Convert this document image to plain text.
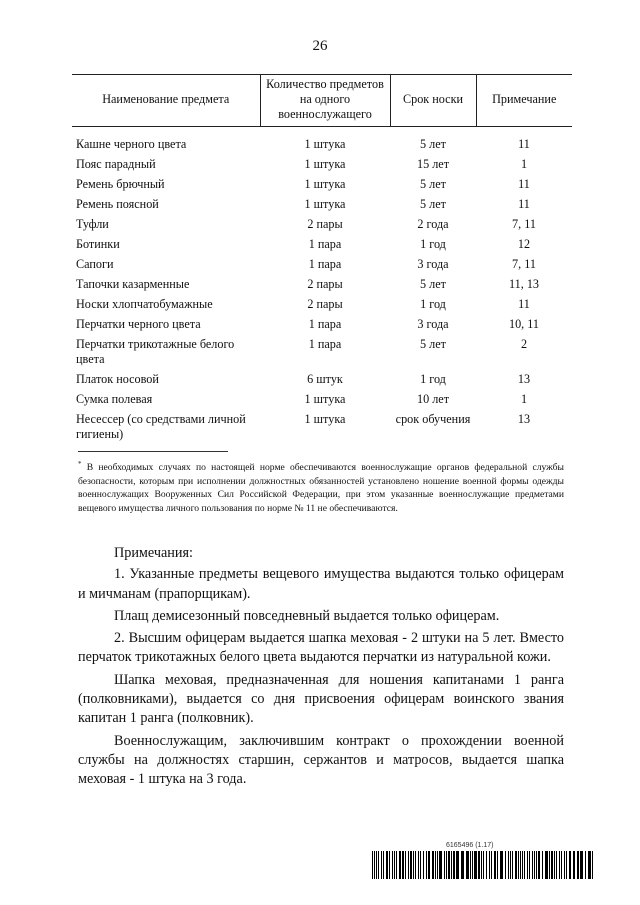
26
Наименование предмета	Количество предметов на одного военнослужащего	Срок носки	Примечание
Кашне черного цвета	1 штука	5 лет	11
Пояс парадный	1 штука	15 лет	1
Ремень брючный	1 штука	5 лет	11
Ремень поясной	1 штука	5 лет	11
Туфли	2 пары	2 года	7, 11
Ботинки	1 пара	1 год	12
Сапоги	1 пара	3 года	7, 11
Тапочки казарменные	2 пары	5 лет	11, 13
Носки хлопчатобумажные	2 пары	1 год	11
Перчатки черного цвета	1 пара	3 года	10, 11
Перчатки трикотажные белого цвета	1 пара	5 лет	2
Платок носовой	6 штук	1 год	13
Сумка полевая	1 штука	10 лет	1
Несессер (со средствами личной гигиены)	1 штука	срок обучения	13
* В необходимых случаях по настоящей норме обеспечиваются военнослужащие органов федеральной службы безопасности, которым при исполнении должностных обязанностей установлено ношение военной формы одежды военнослужащих Вооруженных Сил Российской Федерации, при этом указанные военнослужащие предметами вещевого имущества личного пользования по норме № 11 не обеспечиваются.

Примечания:

1. Указанные предметы вещевого имущества выдаются только офицерам и мичманам (прапорщикам).

Плащ демисезонный повседневный выдается только офицерам.

2. Высшим офицерам выдается шапка меховая - 2 штуки на 5 лет. Вместо перчаток трикотажных белого цвета выдаются перчатки из натуральной кожи.

Шапка меховая, предназначенная для ношения капитанами 1 ранга (полковниками), выдается со дня присвоения офицерам воинского звания капитан 1 ранга (полковник).

Военнослужащим, заключившим контракт о прохождении военной службы на должностях старшин, сержантов и матросов, выдается шапка меховая - 1 штука на 3 года.

6165496 (1.17)
